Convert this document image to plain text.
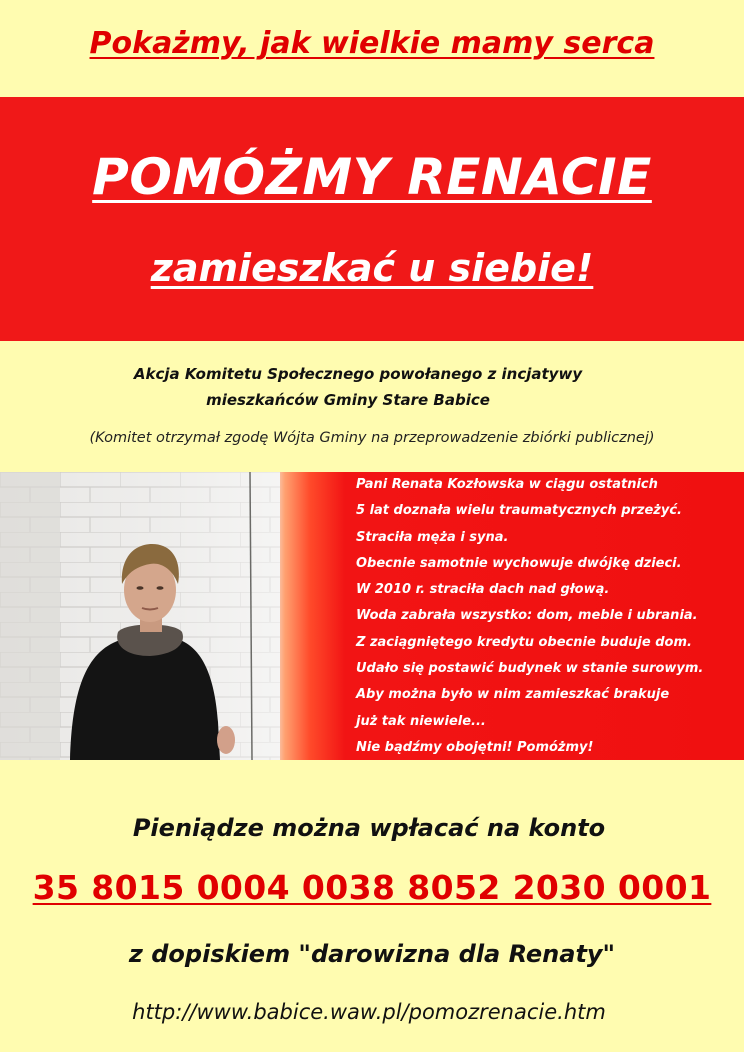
Pokażmy, jak wielkie mamy serca
POMÓŻMY RENACIE
zamieszkać u siebie!
Akcja Komitetu Społecznego powołanego z incjatywy
mieszkańców Gminy Stare Babice
(Komitet otrzymał zgodę Wójta Gminy na przeprowadzenie zbiórki publicznej)
Pani Renata Kozłowska w ciągu ostatnich
5 lat doznała wielu traumatycznych przeżyć.
Straciła męża i syna.
Obecnie samotnie wychowuje dwójkę dzieci.
W 2010 r. straciła dach nad głową.
Woda zabrała wszystko: dom, meble i ubrania.
Z zaciągniętego kredytu obecnie buduje dom.
Udało się postawić budynek w stanie surowym.
Aby można było w nim zamieszkać brakuje
już tak niewiele...
Nie bądźmy obojętni! Pomóżmy!
Pieniądze można wpłacać na konto
35 8015 0004 0038 8052 2030 0001
z dopiskiem "darowizna dla Renaty"
http://www.babice.waw.pl/pomozrenacie.htm
